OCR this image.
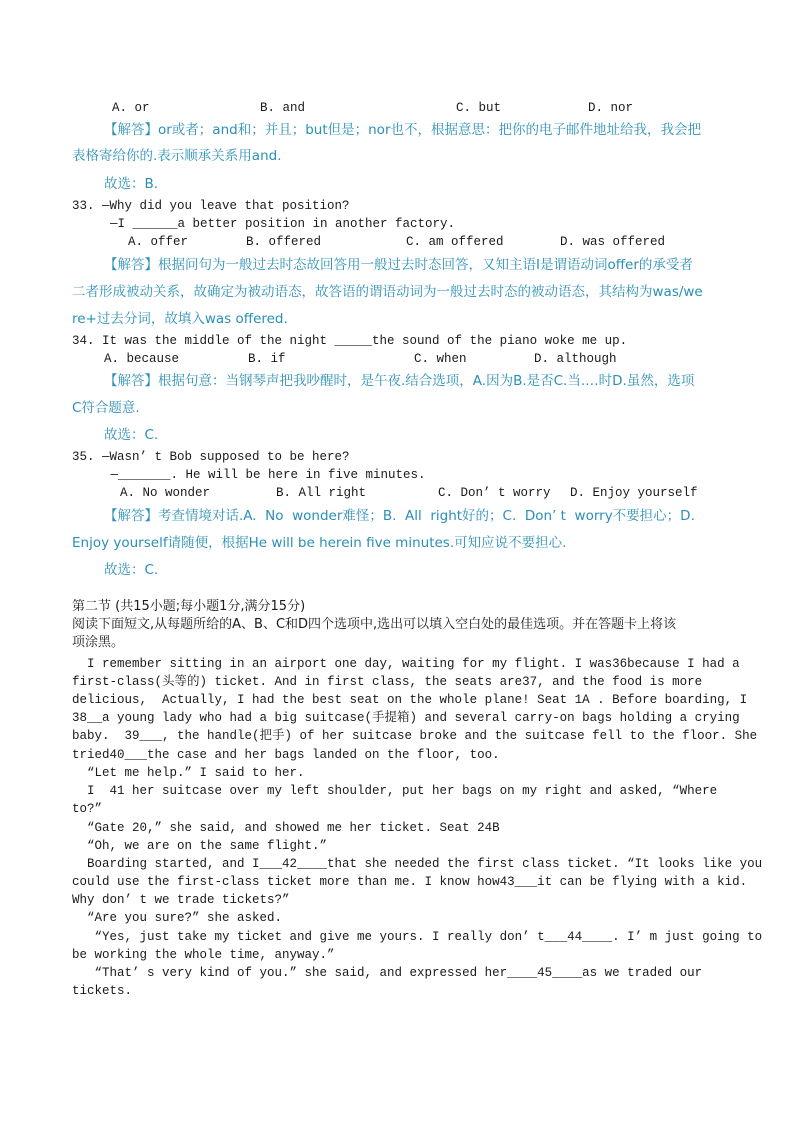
A. or	B. and	C. but	D. nor
【解答】or或者；and和；并且；but但是；nor也不，根据意思：把你的电子邮件地址给我，我会把
表格寄给你的.表示顺承关系用and.
故选：B.
33. —Why did you leave that position?
—I ______a better position in another factory.
A. offer	B. offered	C. am offered	D. was offered
【解答】根据问句为一般过去时态故回答用一般过去时态回答，又知主语I是谓语动词offer的承受者
二者形成被动关系，故确定为被动语态，故答语的谓语动词为一般过去时态的被动语态，其结构为was/we
re+过去分词，故填入was offered.
34. It was the middle of the night _____the sound of the piano woke me up.
A. because	B. if	C. when	D. although
【解答】根据句意：当钢琴声把我吵醒时，是午夜.结合选项，A.因为B.是否C.当.…时D.虽然，选项
C符合题意.
故选：C.
35. —Wasn’ t Bob supposed to be here?
—_______. He will be here in five minutes.
A. No wonder	B. All right	C. Don’ t worry D. Enjoy yourself
【解答】考查情境对话.A.  No  wonder难怪；B.  All  right好的；C.  Don’ t  worry不要担心；D.
Enjoy yourself请随便，根据He will be herein five minutes.可知应说不要担心.
故选：C.
第二节 (共15小题;每小题1分,满分15分)
阅读下面短文,从每题所给的A、B、C和D四个选项中,选出可以填入空白处的最佳选项。并在答题卡上将该
项涂黑。
I remember sitting in an airport one day, waiting for my flight. I was36because I had a
first-class(头等的) ticket. And in first class, the seats are37, and the food is more
delicious,  Actually, I had the best seat on the whole plane! Seat 1A . Before boarding, I
38__a young lady who had a big suitcase(手提箱) and several carry-on bags holding a crying
baby.  39___, the handle(把手) of her suitcase broke and the suitcase fell to the floor. She
tried40___the case and her bags landed on the floor, too.
“Let me help.” I said to her.
I  41 her suitcase over my left shoulder, put her bags on my right and asked, “Where
to?”
“Gate 20,” she said, and showed me her ticket. Seat 24B
“Oh, we are on the same flight.”
Boarding started, and I___42____that she needed the first class ticket. “It looks like you
could use the first-class ticket more than me. I know how43___it can be flying with a kid.
Why don’ t we trade tickets?”
“Are you sure?” she asked.
“Yes, just take my ticket and give me yours. I really don’ t___44____. I’ m just going to
be working the whole time, anyway.”
“That’ s very kind of you.” she said, and expressed her____45____as we traded our
tickets.
